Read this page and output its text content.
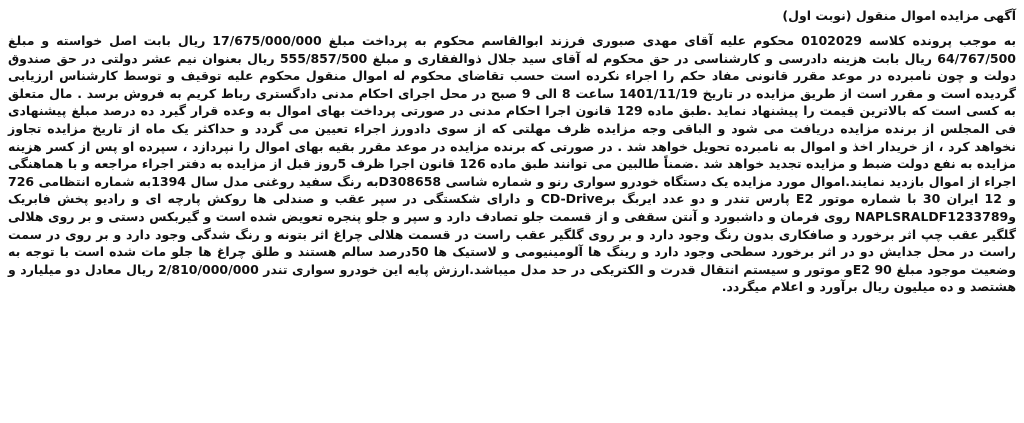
آگهی مزایده اموال منقول (نوبت اول)

به موجب پرونده کلاسه 0102029 محکوم علیه آقای مهدی صبوری فرزند ابوالقاسم محکوم به پرداخت مبلغ 17/675/000/000 ریال بابت اصل خواسته و مبلغ 64/767/500 ریال بابت هزینه دادرسی و کارشناسی در حق محکوم له آقای سید جلال ذوالفقاری و مبلغ 555/857/500 ریال بعنوان نیم عشر دولتی در حق صندوق دولت و چون نامبرده در موعد مقرر قانونی مفاد حکم را اجراء نکرده است حسب تقاضای محکوم له اموال منقول محکوم علیه توقیف و توسط کارشناس ارزیابی گردیده است و مقرر است از طریق مزایده در تاریخ 1401/11/19 ساعت 8 الی 9 صبح در محل اجرای احکام مدنی دادگستری رباط کریم به فروش برسد . مال متعلق به کسی است که بالاترین قیمت را پیشنهاد نماید .طبق ماده 129 قانون اجرا احکام مدنی در صورتی پرداخت بهای اموال به وعده قرار گیرد ده درصد مبلغ پیشنهادی فی المجلس از برنده مزایده دریافت می شود و الباقی وجه مزایده ظرف مهلتی که از سوی دادورز اجراء تعیین می گردد و حداکثر یک ماه از تاریخ مزایده تجاوز نخواهد کرد ، از خریدار اخذ و اموال به نامبرده تحویل خواهد شد . در صورتی که برنده مزایده در موعد مقرر بقیه بهای اموال را نپردازد ، سپرده او پس از کسر هزینه مزایده به نفع دولت ضبط و مزایده تجدید خواهد شد .ضمناً طالبین می توانند طبق ماده 126 قانون اجرا ظرف 5روز قبل از مزایده به دفتر اجراء مراجعه و با هماهنگی اجراء از اموال بازدید نمایند.اموال مورد مزایده یک دستگاه خودرو سواری رنو و شماره شاسی D308658به رنگ سفید روغنی مدل سال 1394به شماره انتظامی 726 و 12 ایران 30 با شماره موتور E2 پارس تندر و دو عدد ایربگ برCD-Drive و دارای شکستگی در سپر عقب و صندلی ها روکش پارچه ای و رادیو پخش فابریک وNAPLSRALDF1233789 روی فرمان و داشبورد و آنتن سقفی و از قسمت جلو تصادف دارد و سپر و جلو پنجره تعویض شده است و گیربکس دستی و بر روی هلالی گلگیر عقب چپ اثر برخورد و صافکاری بدون رنگ وجود دارد و بر روی گلگیر عقب راست در قسمت هلالی چراغ اثر بتونه و رنگ شدگی وجود دارد و بر روی در سمت راست در محل جدایش دو در اثر برخورد سطحی وجود دارد و رینگ ها آلومینیومی و لاستیک ها 50درصد سالم هستند و طلق چراغ ها جلو مات شده است با توجه به وضعیت موجود مبلغ 90 E2و موتور و سیستم انتقال قدرت و الکتریکی در حد مدل میباشد.ارزش پایه این خودرو سواری تندر 2/810/000/000 ریال معادل دو میلیارد و هشتصد و ده میلیون ریال برآورد و اعلام میگردد.
